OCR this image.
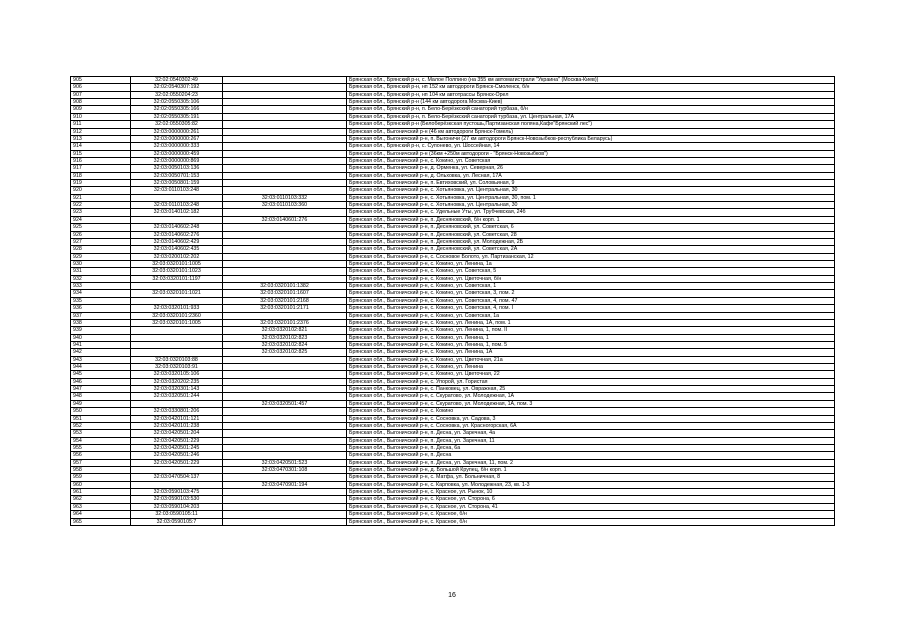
905	32:02:0540302:49		Брянская обл., Брянский р-н, с. Малое Полпино (на 355 км автомагистрали "Украина" (Москва-Киев))
906	32:02:0540307:192		Брянская обл., Брянский р-н, нп 152 км автодороги Брянск-Смоленск, б/н
907	32:02:0550204:23		Брянская обл., Брянский р-н, нп 104 км автотрассы Брянск-Орел
908	32:02:0550305:106		Брянская обл., Брянский р-н (144 км автодорога Москва-Киев)
909	32:02:0550305:166		Брянская обл., Брянский р-н, п. Бело-Берёзкский санаторий турбаза, б/н
910	32:02:0550305:191		Брянская обл., Брянский р-н, п. Бело-Берёзкский санаторий турбаза, ул. Центральная, 17А
911	32:02:0550305:82		Брянская обл., Брянский р-н (Белоберёзкская пустошь,Партизанская поляна,Кафе"Брянский лес")
912	32:03:0000000:261		Брянская обл., Выгоничский р-н (46 км автодороги Брянск-Гомель)
913	32:03:0000000:267		Брянская обл., Выгоничский р-н, п. Выгоничи (27 км автодороги Брянск-Новозыбков-республика Беларусь)
914	32:03:0000000:333		Брянская обл., Брянский р-н, с. Супонево, ул. Шоссейная, 14
915	32:03:0000000:459		Брянская обл., Выгоничский р-н (36км +250м автодороги - "Брянск-Новозыбков")
916	32:03:0000000:869		Брянская обл., Выгоничский р-н, с. Кокино, ул. Советская
917	32:03:0050103:136		Брянская обл., Выгоничский р-н, д. Орменка, ул. Северная, 26
918	32:03:0050701:153		Брянская обл., Выгоничский р-н, д. Ольховка, ул. Лесная, 17А
919	32:03:0050801:159		Брянская обл., Выгоничский р-н, п. Евтиховский, ул. Соловьиная, 9
920	32:03:0110103:248		Брянская обл., Выгоничский р-н, с. Хотьяновка, ул. Центральная, 30
921		32:03:0110103:332	Брянская обл., Выгоничский р-н, с. Хотьяновка, ул. Центральная, 30, пом. 1
922	32:03:0110103:248	32:03:0110103:360	Брянская обл., Выгоничский р-н, с. Хотьяновка, ул. Центральная, 30
923	32:03:0140102:182		Брянская обл., Выгоничский р-н, с. Удельные Уты, ул. Трубчевская, 24б
924		32:03:0140601:276	Брянская обл., Выгоничский р-н, п. Десняновский, б/н корп. 1
925	32:03:0140602:248		Брянская обл., Выгоничский р-н, п. Десняновский, ул. Советская, 6
926	32:03:0140602:276		Брянская обл., Выгоничский р-н, п. Десняновский, ул. Советская, 28
927	32:03:0140602:429		Брянская обл., Выгоничский р-н, п. Десняновский, ул. Молодежная, 2Б
928	32:03:0140602:435		Брянская обл., Выгоничский р-н, п. Десняновский, ул. Советская, 2А
929	32:03:0200102:202		Брянская обл., Выгоничский р-н, с. Сосновое Болото, ул. Партизанская, 12
930	32:03:0320101:1005		Брянская обл., Выгоничский р-н, с. Кокино, ул. Ленина, 1а
931	32:03:0320101:1023		Брянская обл., Выгоничский р-н, с. Кокино, ул. Советская, 5
932	32:03:0320101:1197		Брянская обл., Выгоничский р-н, с. Кокино, ул. Цветочная, б/н
933		32:03:0320101:1382	Брянская обл., Выгоничский р-н, с. Кокино, ул. Советская, 1
934	32:03:0320101:1021	32:03:0320101:1607	Брянская обл., Выгоничский р-н, с. Кокино, ул. Советская, 3, пом. 2
935		32:03:0320101:2168	Брянская обл., Выгоничский р-н, с. Кокино, ул. Советская, 4, пом. 47
936	32:03:0320101:933	32:03:0320101:2171	Брянская обл., Выгоничский р-н, с. Кокино, ул. Советская, 4, пом. I
937	32:03:0320101:2360		Брянская обл., Выгоничский р-н, с. Кокино, ул. Советская, 1а
938	32:03:0320101:1005	32:03:0320101:2376	Брянская обл., Выгоничский р-н, с. Кокино, ул. Ленина, 1А, пом. 1
939		32:03:0320102:821	Брянская обл., Выгоничский р-н, с. Кокино, ул. Ленина, 1, пом. II
940		32:03:0320102:823	Брянская обл., Выгоничский р-н, с. Кокино, ул. Ленина, 1
941		32:03:0320102:824	Брянская обл., Выгоничский р-н, с. Кокино, ул. Ленина, 1, пом. 5
942		32:03:0320102:825	Брянская обл., Выгоничский р-н, с. Кокино, ул. Ленина, 1А
943	32:03:0320103:88		Брянская обл., Выгоничский р-н, с. Кокино, ул. Цветочная, 21а
944	32:03:0320103:91		Брянская обл., Выгоничский р-н, с. Кокино, ул. Ленина
945	32:03:0320105:106		Брянская обл., Выгоничский р-н, с. Кокино, ул. Цветочная, 22
946	32:03:0320202:235		Брянская обл., Выгоничский р-н, с. Упорой, ул. Гористая
947	32:03:0320301:143		Брянская обл., Выгоничский р-н, с. Панковец, ул. Овражная, 25
948	32:03:0320501:244		Брянская обл., Выгоничский р-н, с. Скуратово, ул. Молодежная, 1А
949		32:03:0320501:457	Брянская обл., Выгоничский р-н, с. Скуратово, ул. Молодежная, 1А, пом. 3
950	32:03:0330801:206		Брянская обл., Выгоничский р-н, с. Кокино
951	32:03:0420101:121		Брянская обл., Выгоничский р-н, с. Сосновка, ул. Садова, 3
952	32:03:0420101:238		Брянская обл., Выгоничский р-н, с. Сосновка, ул. Красногорская, 6А
953	32:03:0420501:204		Брянская обл., Выгоничский р-н, п. Десна, ул. Заречная, 4а
954	32:03:0420501:229		Брянская обл., Выгоничский р-н, п. Десна, ул. Заречная, 11
955	32:03:0420501:245		Брянская обл., Выгоничский р-н, п. Десна, 6а
956	32:03:0420501:246		Брянская обл., Выгоничский р-н, п. Десна
957	32:03:0420501:229	32:03:0420501:523	Брянская обл., Выгоничский р-н, п. Десна, ул. Заречная, 11, пом. 2
958		32:03:0470301:108	Брянская обл., Выгоничский р-н, д. Большой Крупец, б/н корп. 1
959	32:03:0470504:137		Брянская обл., Выгоничский р-н, с. Матфа, ул. Больничная, 8
960		32:03:0470901:194	Брянская обл., Выгоничский р-н, с. Карповка, ул. Молодежная, 23, кв. 1-3
961	32:03:0590103:475		Брянская обл., Выгоничский р-н, с. Красное, ул. Рынок, 10
962	32:03:0590103:530		Брянская обл., Выгоничский р-н, с. Красное, ул. Сторона, 6
963	32:03:0590104:203		Брянская обл., Выгоничский р-н, с. Красное, ул. Сторона, 41
964	32:03:0590105:11		Брянская обл., Выгоничский р-н, с. Красное, б/н
965	32:03:0590105:7		Брянская обл., Выгоничский р-н, с. Красное, б/н
16
